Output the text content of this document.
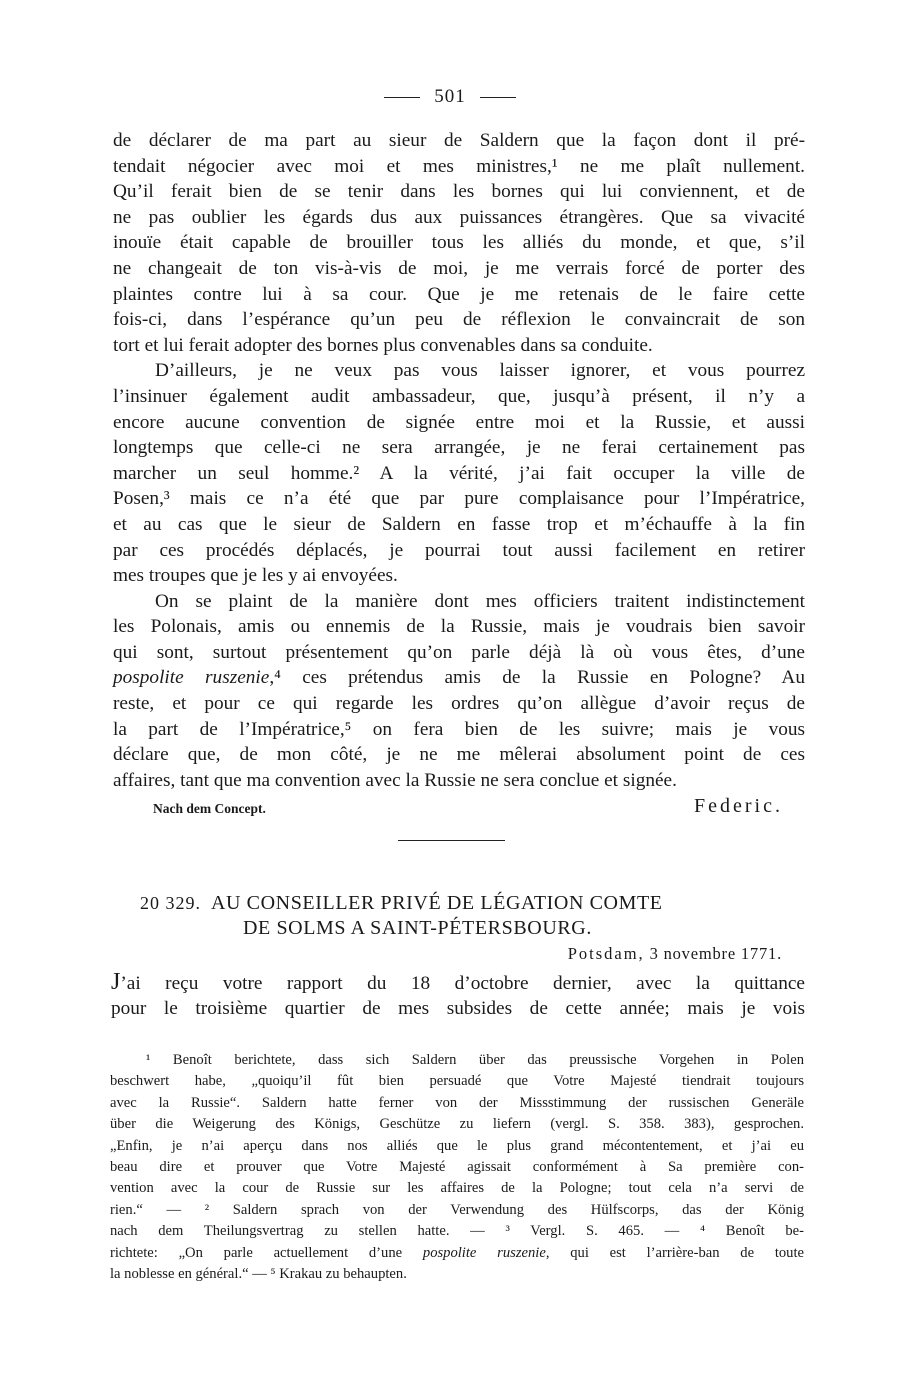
501
de déclarer de ma part au sieur de Saldern que la façon dont il pré-
tendait négocier avec moi et mes ministres,¹ ne me plaît nullement.
Qu’il ferait bien de se tenir dans les bornes qui lui conviennent, et de
ne pas oublier les égards dus aux puissances étrangères. Que sa vivacité
inouïe était capable de brouiller tous les alliés du monde, et que, s’il
ne changeait de ton vis-à-vis de moi, je me verrais forcé de porter des
plaintes contre lui à sa cour. Que je me retenais de le faire cette
fois-ci, dans l’espérance qu’un peu de réflexion le convaincrait de son
tort et lui ferait adopter des bornes plus convenables dans sa conduite.
D’ailleurs, je ne veux pas vous laisser ignorer, et vous pourrez
l’insinuer également audit ambassadeur, que, jusqu’à présent, il n’y a
encore aucune convention de signée entre moi et la Russie, et aussi
longtemps que celle-ci ne sera arrangée, je ne ferai certainement pas
marcher un seul homme.² A la vérité, j’ai fait occuper la ville de
Posen,³ mais ce n’a été que par pure complaisance pour l’Impératrice,
et au cas que le sieur de Saldern en fasse trop et m’échauffe à la fin
par ces procédés déplacés, je pourrai tout aussi facilement en retirer
mes troupes que je les y ai envoyées.
On se plaint de la manière dont mes officiers traitent indistinctement
les Polonais, amis ou ennemis de la Russie, mais je voudrais bien savoir
qui sont, surtout présentement qu’on parle déjà là où vous êtes, d’une
pospolite ruszenie,⁴ ces prétendus amis de la Russie en Pologne? Au
reste, et pour ce qui regarde les ordres qu’on allègue d’avoir reçus de
la part de l’Impératrice,⁵ on fera bien de les suivre; mais je vous
déclare que, de mon côté, je ne me mêlerai absolument point de ces
affaires, tant que ma convention avec la Russie ne sera conclue et signée.
Nach dem Concept.	Federic.
20 329. AU CONSEILLER PRIVÉ DE LÉGATION COMTE
DE SOLMS A SAINT-PÉTERSBOURG.
Potsdam, 3 novembre 1771.
J’ai reçu votre rapport du 18 d’octobre dernier, avec la quittance
pour le troisième quartier de mes subsides de cette année; mais je vois
¹ Benoît berichtete, dass sich Saldern über das preussische Vorgehen in Polen
beschwert habe, „quoiqu’il fût bien persuadé que Votre Majesté tiendrait toujours
avec la Russie“. Saldern hatte ferner von der Missstimmung der russischen Generäle
über die Weigerung des Königs, Geschütze zu liefern (vergl. S. 358. 383), gesprochen.
„Enfin, je n’ai aperçu dans nos alliés que le plus grand mécontentement, et j’ai eu
beau dire et prouver que Votre Majesté agissait conformément à Sa première con-
vention avec la cour de Russie sur les affaires de la Pologne; tout cela n’a servi de
rien.“ — ² Saldern sprach von der Verwendung des Hülfscorps, das der König
nach dem Theilungsvertrag zu stellen hatte. — ³ Vergl. S. 465. — ⁴ Benoît be-
richtete: „On parle actuellement d’une pospolite ruszenie, qui est l’arrière-ban de toute
la noblesse en général.“ — ⁵ Krakau zu behaupten.
